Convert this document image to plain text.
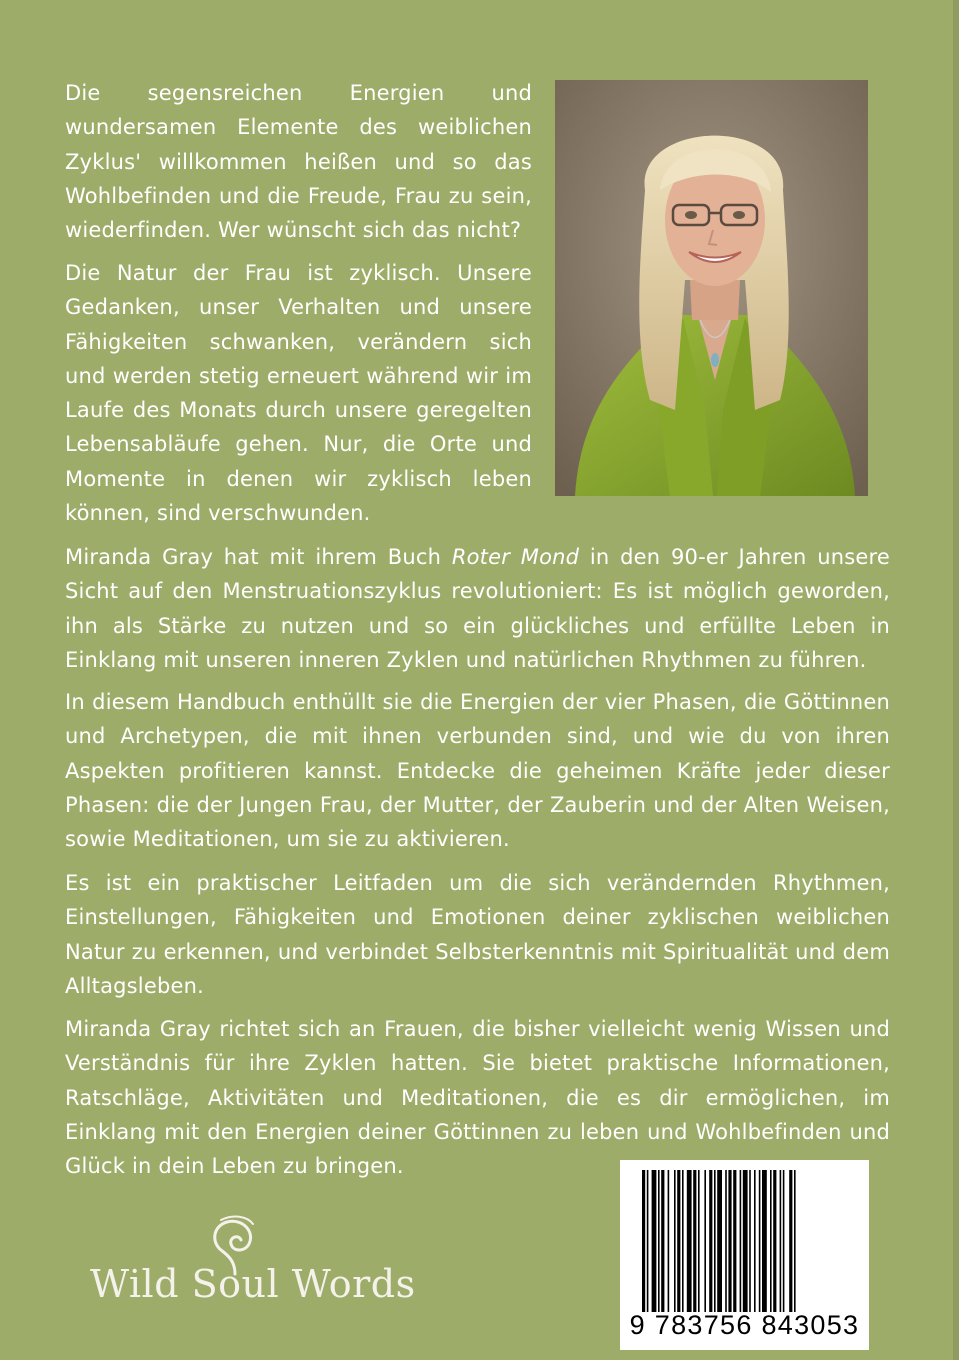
Die segensreichen Energien und wundersamen Elemente des weiblichen Zyklus' willkommen heißen und so das Wohlbefinden und die Freude, Frau zu sein, wiederfinden. Wer wünscht sich das nicht?

Die Natur der Frau ist zyklisch. Unsere Gedanken, unser Verhalten und unsere Fähigkeiten schwanken, verändern sich und werden stetig erneuert während wir im Laufe des Monats durch unsere geregelten Lebensabläufe gehen. Nur, die Orte und Momente in denen wir zyklisch leben können, sind verschwunden.

Miranda Gray hat mit ihrem Buch Roter Mond in den 90-er Jahren unsere Sicht auf den Menstruationszyklus revolutioniert: Es ist möglich geworden, ihn als Stärke zu nutzen und so ein glückliches und erfüllte Leben in Einklang mit unseren inneren Zyklen und natürlichen Rhythmen zu führen.

In diesem Handbuch enthüllt sie die Energien der vier Phasen, die Göttinnen und Archetypen, die mit ihnen verbunden sind, und wie du von ihren Aspekten profitieren kannst. Entdecke die geheimen Kräfte jeder dieser Phasen: die der Jungen Frau, der Mutter, der Zauberin und der Alten Weisen, sowie Meditationen, um sie zu aktivieren.

Es ist ein praktischer Leitfaden um die sich verändernden Rhythmen, Einstellungen, Fähigkeiten und Emotionen deiner zyklischen weiblichen Natur zu erkennen, und verbindet Selbsterkenntnis mit Spiritualität und dem Alltagsleben.

Miranda Gray richtet sich an Frauen, die bisher vielleicht wenig Wissen und Verständnis für ihre Zyklen hatten. Sie bietet praktische Informationen, Ratschläge, Aktivitäten und Meditationen, die es dir ermöglichen, im Einklang mit den Energien deiner Göttinnen zu leben und Wohlbefinden und Glück in dein Leben zu bringen.

Wild Soul Words
9 783756 843053
